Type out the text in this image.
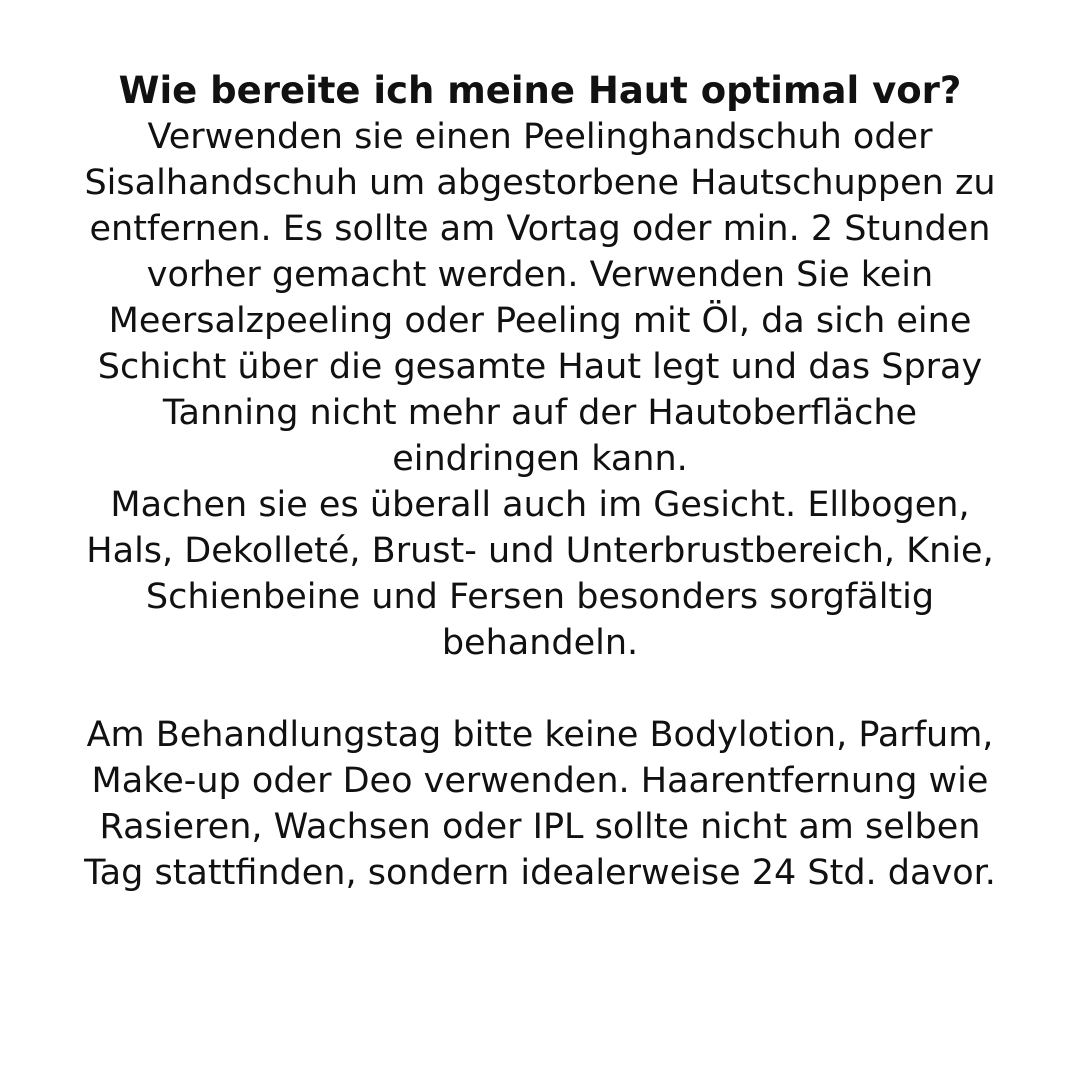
Wie bereite ich meine Haut optimal vor?

Verwenden sie einen Peelinghandschuh oder Sisalhandschuh um abgestorbene Hautschuppen zu entfernen. Es sollte am Vortag oder min. 2 Stunden vorher gemacht werden. Verwenden Sie kein Meersalzpeeling oder Peeling mit Öl, da sich eine Schicht über die gesamte Haut legt und das Spray Tanning nicht mehr auf der Hautoberfläche eindringen kann.

Machen sie es überall auch im Gesicht. Ellbogen, Hals, Dekolleté, Brust- und Unterbrustbereich, Knie, Schienbeine und Fersen besonders sorgfältig behandeln.

Am Behandlungstag bitte keine Bodylotion, Parfum, Make-up oder Deo verwenden. Haarentfernung wie Rasieren, Wachsen oder IPL sollte nicht am selben Tag stattfinden, sondern idealerweise 24 Std. davor.
